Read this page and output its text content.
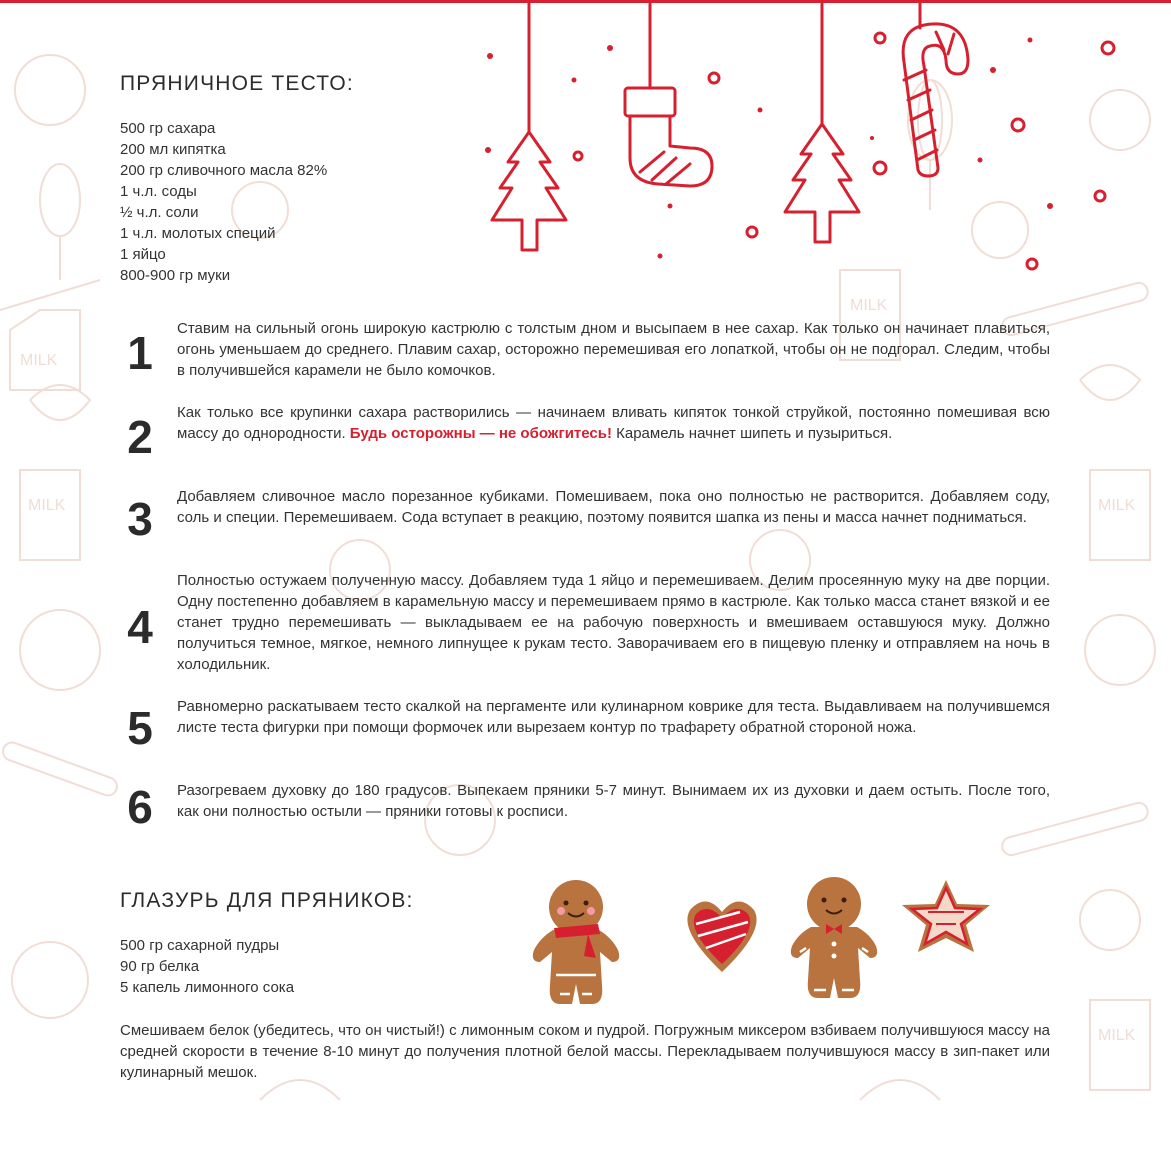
MILK
MILK
MILK
MILK
MILK
ПРЯНИЧНОЕ ТЕСТО:
500 гр сахара
200 мл кипятка
200 гр сливочного масла 82%
1 ч.л. соды
½ ч.л. соли
1 ч.л. молотых специй
1 яйцо
800-900 гр муки
1	Ставим на сильный огонь широкую кастрюлю с толстым дном и высыпаем в нее сахар. Как только он начинает плавиться, огонь уменьшаем до среднего. Плавим сахар, осторожно перемешивая его лопаткой, чтобы он не подгорал. Следим, чтобы в получившейся карамели не было комочков.

2	Как только все крупинки сахара растворились — начинаем вливать кипяток тонкой струйкой, постоянно помешивая всю массу до однородности. Будь осторожны — не обожгитесь! Карамель начнет шипеть и пузыриться.

3	Добавляем сливочное масло порезанное кубиками. Помешиваем, пока оно полностью не растворится. Добавляем соду, соль и специи. Перемешиваем. Сода вступает в реакцию, поэтому появится шапка из пены и масса начнет подниматься.

4

Полностью остужаем полученную массу. Добавляем туда 1 яйцо и перемешиваем. Делим просеянную муку на две порции. Одну постепенно добавляем в карамельную массу и перемешиваем прямо в кастрюле. Как только масса станет вязкой и ее станет трудно перемешивать — выкладываем ее на рабочую поверхность и вмешиваем оставшуюся муку. Должно получиться темное, мягкое, немного липнущее к рукам тесто. Заворачиваем его в пищевую пленку и отправляем на ночь в холодильник.

5	Равномерно раскатываем тесто скалкой на пергаменте или кулинарном коврике для теста. Выдавливаем на получившемся листе теста фигурки при помощи формочек или вырезаем контур по трафарету обратной стороной ножа.

6	Разогреваем духовку до 180 градусов. Выпекаем пряники 5-7 минут. Вынимаем их из духовки и даем остыть. После того, как они полностью остыли — пряники готовы к росписи.

ГЛАЗУРЬ ДЛЯ ПРЯНИКОВ:
500 гр сахарной пудры
90 гр белка
5 капель лимонного сока

Смешиваем белок (убедитесь, что он чистый!) с лимонным соком и пудрой. Погружным миксером взбиваем получившуюся массу на средней скорости в течение 8-10 минут до получения плотной белой массы. Перекладываем получившуюся массу в зип-пакет или кулинарный мешок.
